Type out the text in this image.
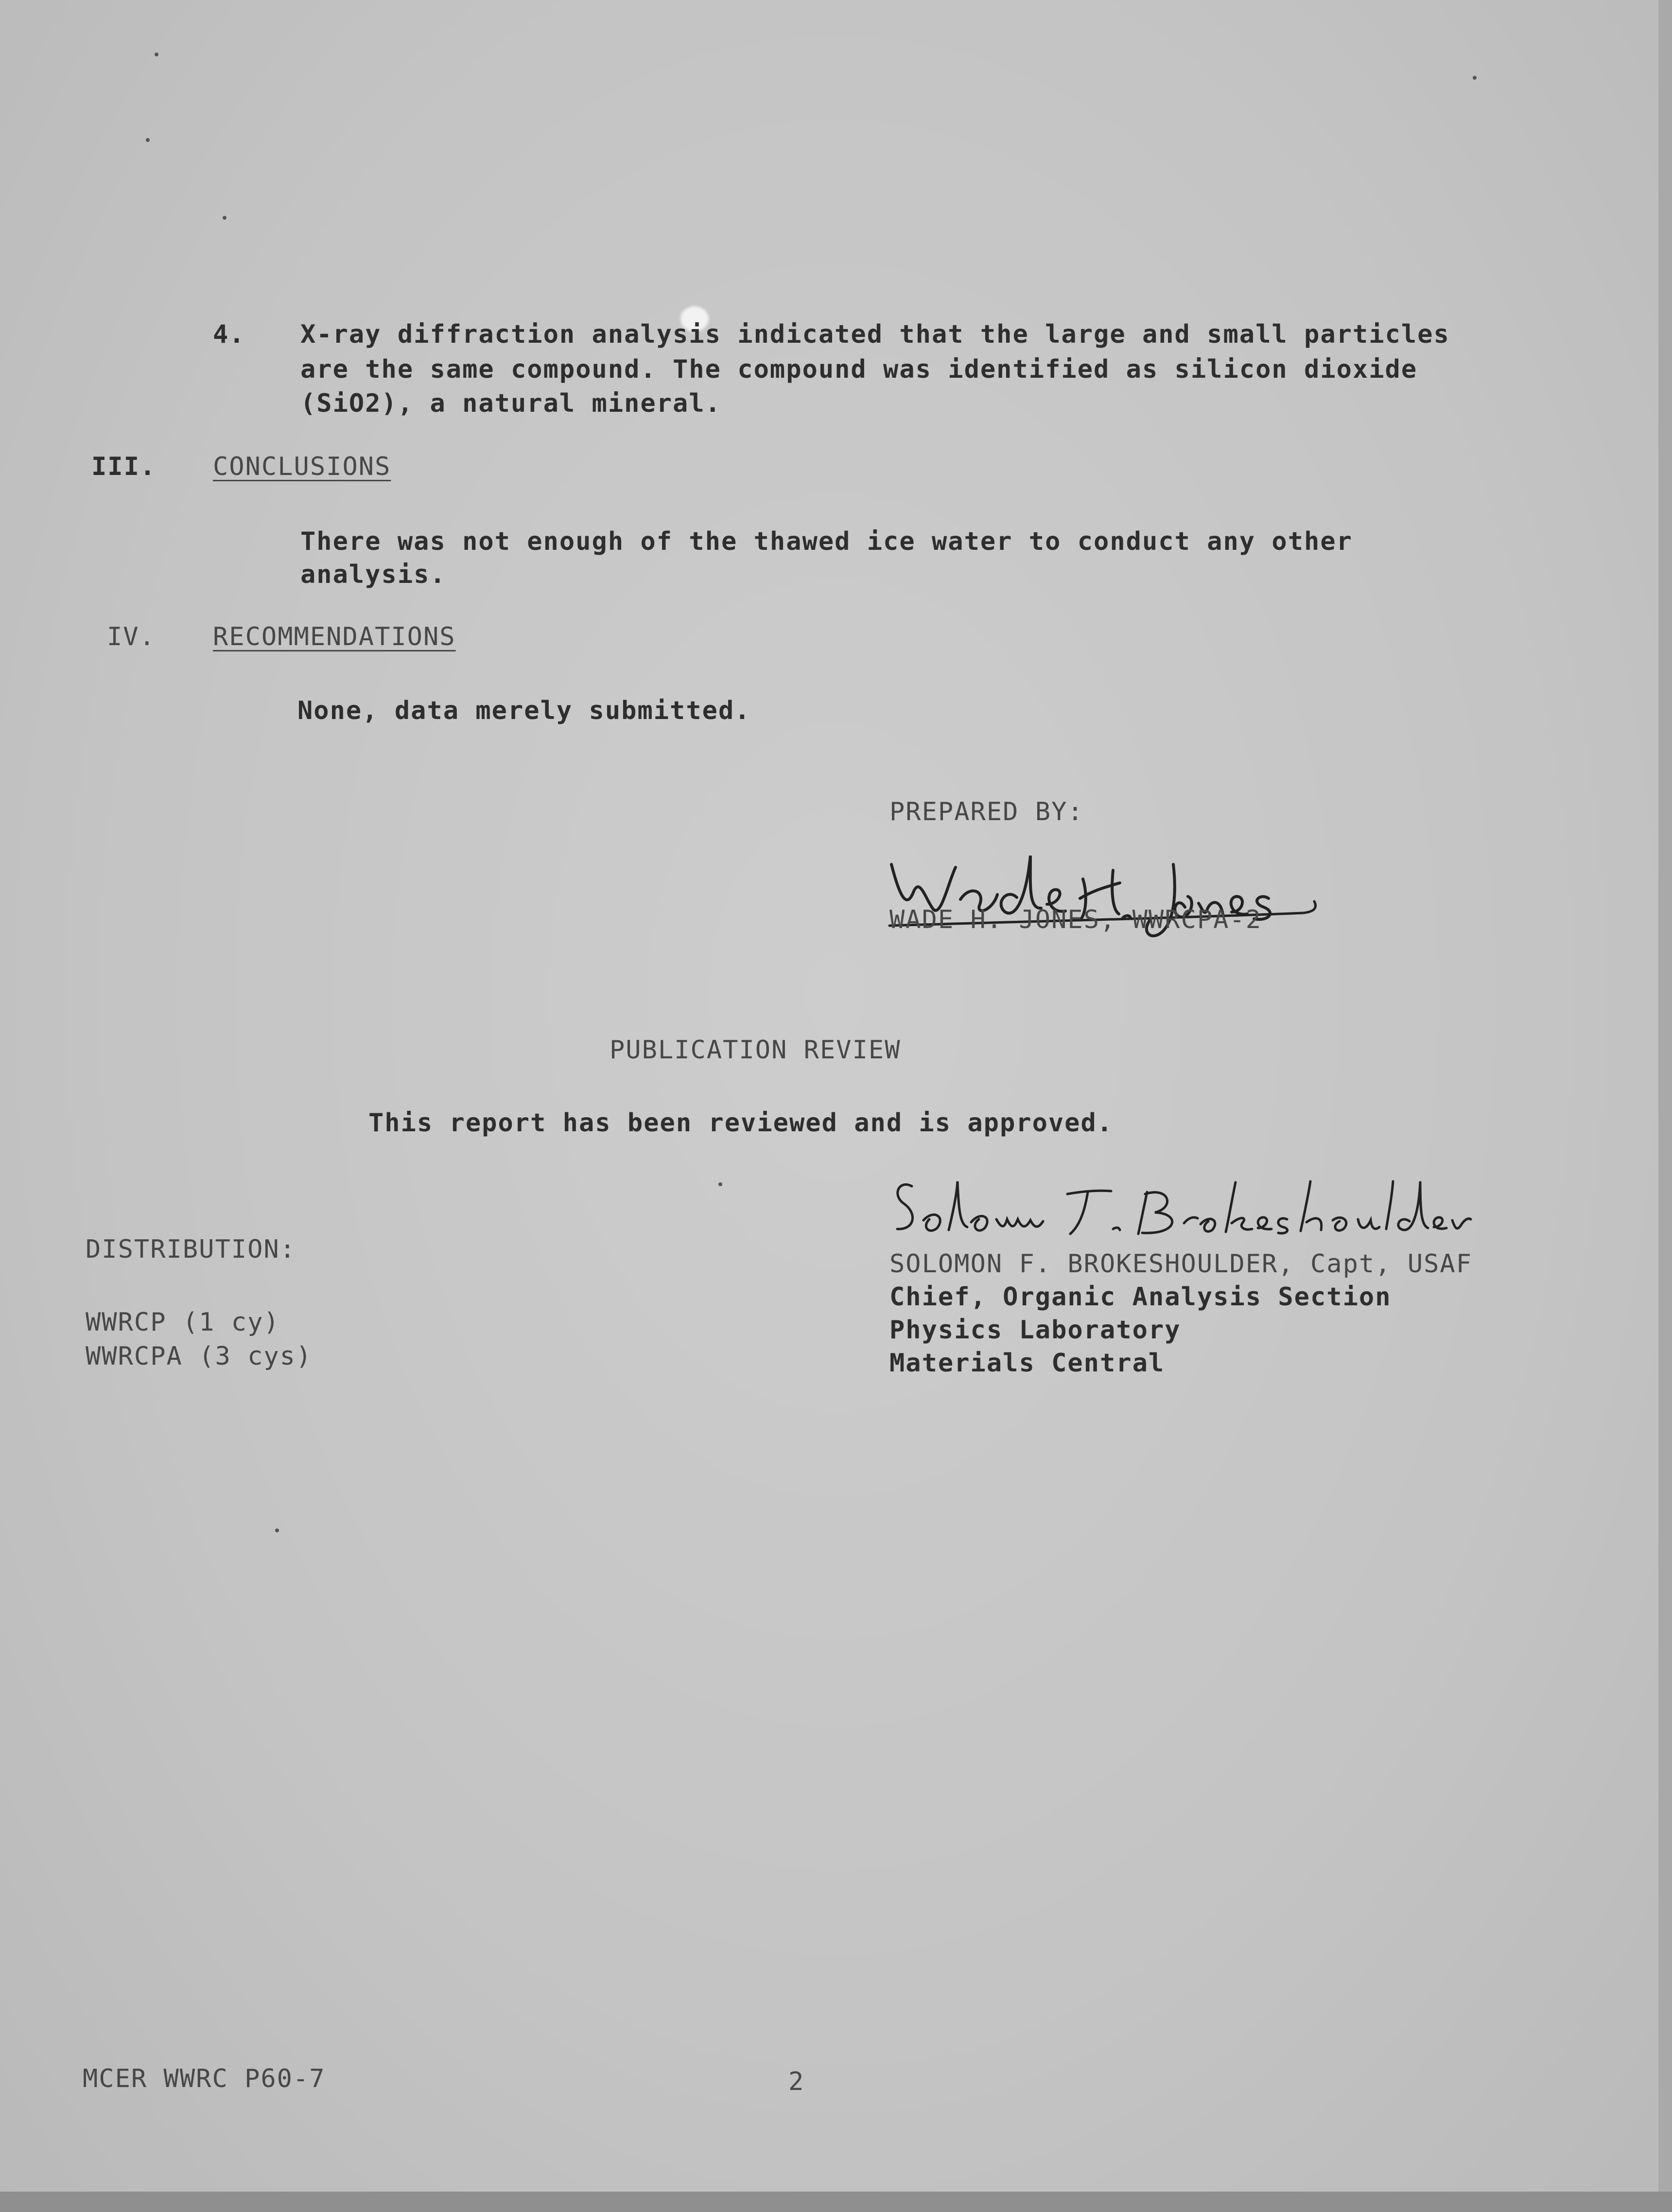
4. X-ray diffraction analysis indicated that the large and small particles
are the same compound. The compound was identified as silicon dioxide
(SiO2), a natural mineral.
III. CONCLUSIONS
There was not enough of the thawed ice water to conduct any other
analysis.
IV. RECOMMENDATIONS
None, data merely submitted.
PREPARED BY:
WADE H. JONES, WWRCPA-2
PUBLICATION REVIEW
This report has been reviewed and is approved.
SOLOMON F. BROKESHOULDER, Capt, USAF
Chief, Organic Analysis Section
Physics Laboratory
Materials Central
DISTRIBUTION:
WWRCP (1 cy)
WWRCPA (3 cys)
MCER WWRC P60-7	2
